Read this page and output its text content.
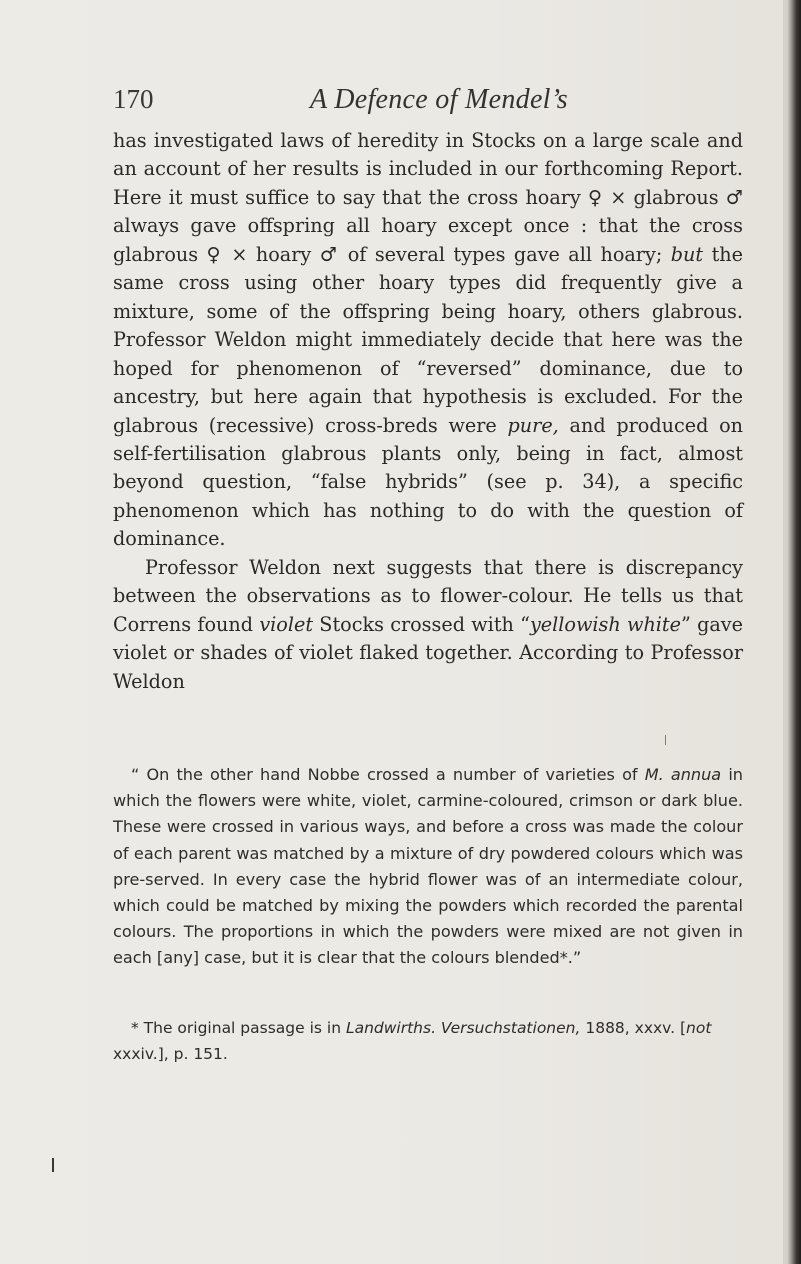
170	A Defence of Mendel’s

has investigated laws of heredity in Stocks on a large scale and an account of her results is included in our forthcoming Report. Here it must suffice to say that the cross hoary ♀ × glabrous ♂ always gave offspring all hoary except once : that the cross glabrous ♀ × hoary ♂ of several types gave all hoary; but the same cross using other hoary types did frequently give a mixture, some of the offspring being hoary, others glabrous. Professor Weldon might immediately decide that here was the hoped for phenomenon of “reversed” dominance, due to ancestry, but here again that hypothesis is excluded. For the glabrous (recessive) cross-breds were pure, and produced on self-fertilisation glabrous plants only, being in fact, almost beyond question, “false hybrids” (see p. 34), a specific phenomenon which has nothing to do with the question of dominance.

Professor Weldon next suggests that there is discrepancy between the observations as to flower-colour. He tells us that Correns found violet Stocks crossed with “yellowish white” gave violet or shades of violet flaked together. According to Professor Weldon

“ On the other hand Nobbe crossed a number of varieties of M. annua in which the flowers were white, violet, carmine-coloured, crimson or dark blue. These were crossed in various ways, and before a cross was made the colour of each parent was matched by a mixture of dry powdered colours which was pre-served. In every case the hybrid flower was of an intermediate colour, which could be matched by mixing the powders which recorded the parental colours. The proportions in which the powders were mixed are not given in each [any] case, but it is clear that the colours blended*.”

* The original passage is in Landwirths. Versuchstationen, 1888, xxxv. [not xxxiv.], p. 151.
